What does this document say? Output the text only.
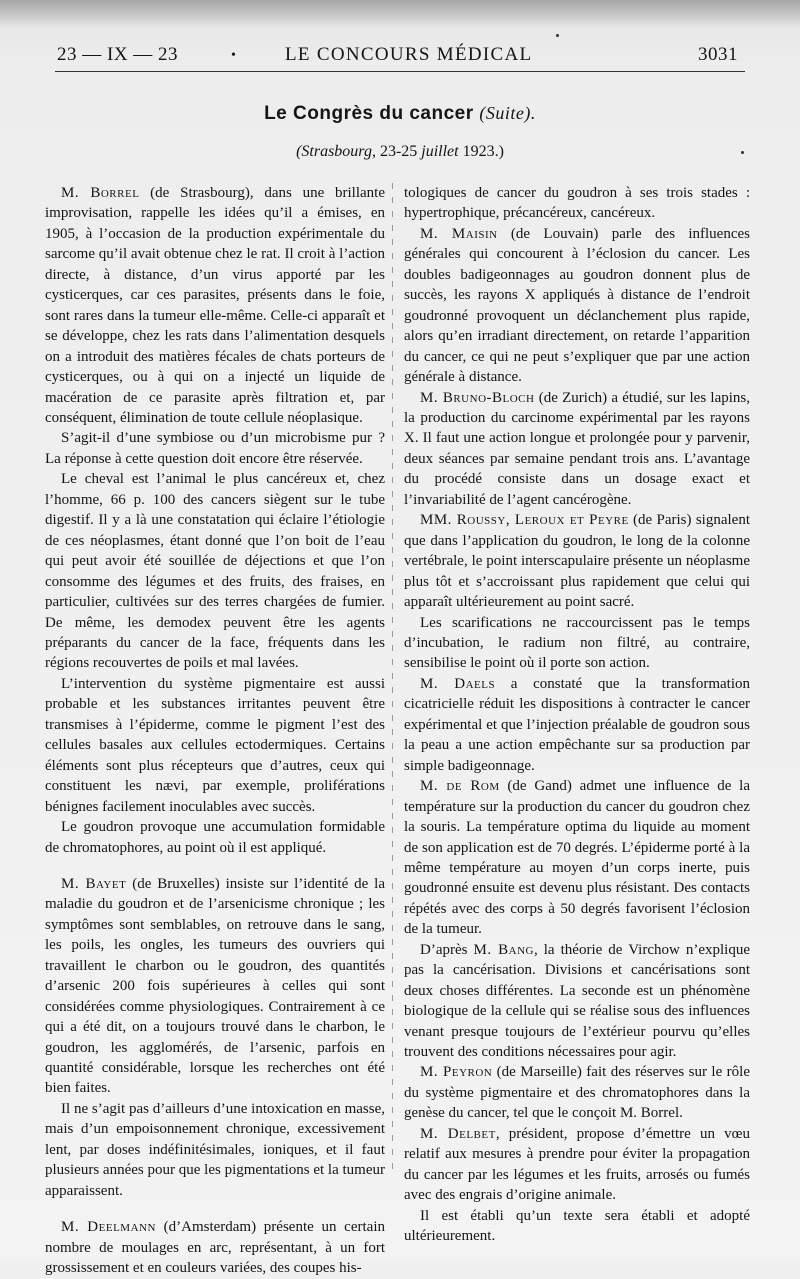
23 — IX — 23	•	LE CONCOURS MÉDICAL	3031
Le Congrès du cancer (Suite).
(Strasbourg, 23-25 juillet 1923.)

M. Borrel (de Strasbourg), dans une brillante improvisation, rappelle les idées qu’il a émises, en 1905, à l’occasion de la production expérimentale du sarcome qu’il avait obtenue chez le rat. Il croit à l’action directe, à distance, d’un virus apporté par les cysticerques, car ces parasites, présents dans le foie, sont rares dans la tumeur elle-même. Celle-ci apparaît et se développe, chez les rats dans l’alimentation desquels on a introduit des matières fécales de chats porteurs de cysticerques, ou à qui on a injecté un liquide de macération de ce parasite après filtration et, par conséquent, élimination de toute cellule néoplasique.

S’agit-il d’une symbiose ou d’un microbisme pur ? La réponse à cette question doit encore être réservée.

Le cheval est l’animal le plus cancéreux et, chez l’homme, 66 p. 100 des cancers siègent sur le tube digestif. Il y a là une constatation qui éclaire l’étiologie de ces néoplasmes, étant donné que l’on boit de l’eau qui peut avoir été souillée de déjections et que l’on consomme des légumes et des fruits, des fraises, en particulier, cultivées sur des terres chargées de fumier. De même, les demodex peuvent être les agents préparants du cancer de la face, fréquents dans les régions recouvertes de poils et mal lavées.

L’intervention du système pigmentaire est aussi probable et les substances irritantes peuvent être transmises à l’épiderme, comme le pigment l’est des cellules basales aux cellules ectodermiques. Certains éléments sont plus récepteurs que d’autres, ceux qui constituent les nævi, par exemple, proliférations bénignes facilement inoculables avec succès.

Le goudron provoque une accumulation formidable de chromatophores, au point où il est appliqué.

M. Bayet (de Bruxelles) insiste sur l’identité de la maladie du goudron et de l’arsenicisme chronique ; les symptômes sont semblables, on retrouve dans le sang, les poils, les ongles, les tumeurs des ouvriers qui travaillent le charbon ou le goudron, des quantités d’arsenic 200 fois supérieures à celles qui sont considérées comme physiologiques. Contrairement à ce qui a été dit, on a toujours trouvé dans le charbon, le goudron, les agglomérés, de l’arsenic, parfois en quantité considérable, lorsque les recherches ont été bien faites.

Il ne s’agit pas d’ailleurs d’une intoxication en masse, mais d’un empoisonnement chronique, excessivement lent, par doses indéfinitésimales, ioniques, et il faut plusieurs années pour que les pigmentations et la tumeur apparaissent.

M. Deelmann (d’Amsterdam) présente un certain nombre de moulages en arc, représentant, à un fort grossissement et en couleurs variées, des coupes his-

tologiques de cancer du goudron à ses trois stades : hypertrophique, précancéreux, cancéreux.

M. Maisin (de Louvain) parle des influences générales qui concourent à l’éclosion du cancer. Les doubles badigeonnages au goudron donnent plus de succès, les rayons X appliqués à distance de l’endroit goudronné provoquent un déclanchement plus rapide, alors qu’en irradiant directement, on retarde l’apparition du cancer, ce qui ne peut s’expliquer que par une action générale à distance.

M. Bruno-Bloch (de Zurich) a étudié, sur les lapins, la production du carcinome expérimental par les rayons X. Il faut une action longue et prolongée pour y parvenir, deux séances par semaine pendant trois ans. L’avantage du procédé consiste dans un dosage exact et l’invariabilité de l’agent cancérogène.

MM. Roussy, Leroux et Peyre (de Paris) signalent que dans l’application du goudron, le long de la colonne vertébrale, le point interscapulaire présente un néoplasme plus tôt et s’accroissant plus rapidement que celui qui apparaît ultérieurement au point sacré.

Les scarifications ne raccourcissent pas le temps d’incubation, le radium non filtré, au contraire, sensibilise le point où il porte son action.

M. Daels a constaté que la transformation cicatricielle réduit les dispositions à contracter le cancer expérimental et que l’injection préalable de goudron sous la peau a une action empêchante sur sa production par simple badigeonnage.

M. de Rom (de Gand) admet une influence de la température sur la production du cancer du goudron chez la souris. La température optima du liquide au moment de son application est de 70 degrés. L’épiderme porté à la même température au moyen d’un corps inerte, puis goudronné ensuite est devenu plus résistant. Des contacts répétés avec des corps à 50 degrés favorisent l’éclosion de la tumeur.

D’après M. Bang, la théorie de Virchow n’explique pas la cancérisation. Divisions et cancérisations sont deux choses différentes. La seconde est un phénomène biologique de la cellule qui se réalise sous des influences venant presque toujours de l’extérieur pourvu qu’elles trouvent des conditions nécessaires pour agir.

M. Peyron (de Marseille) fait des réserves sur le rôle du système pigmentaire et des chromatophores dans la genèse du cancer, tel que le conçoit M. Borrel.

M. Delbet, président, propose d’émettre un vœu relatif aux mesures à prendre pour éviter la propagation du cancer par les légumes et les fruits, arrosés ou fumés avec des engrais d’origine animale.

Il est établi qu’un texte sera établi et adopté ultérieurement.
